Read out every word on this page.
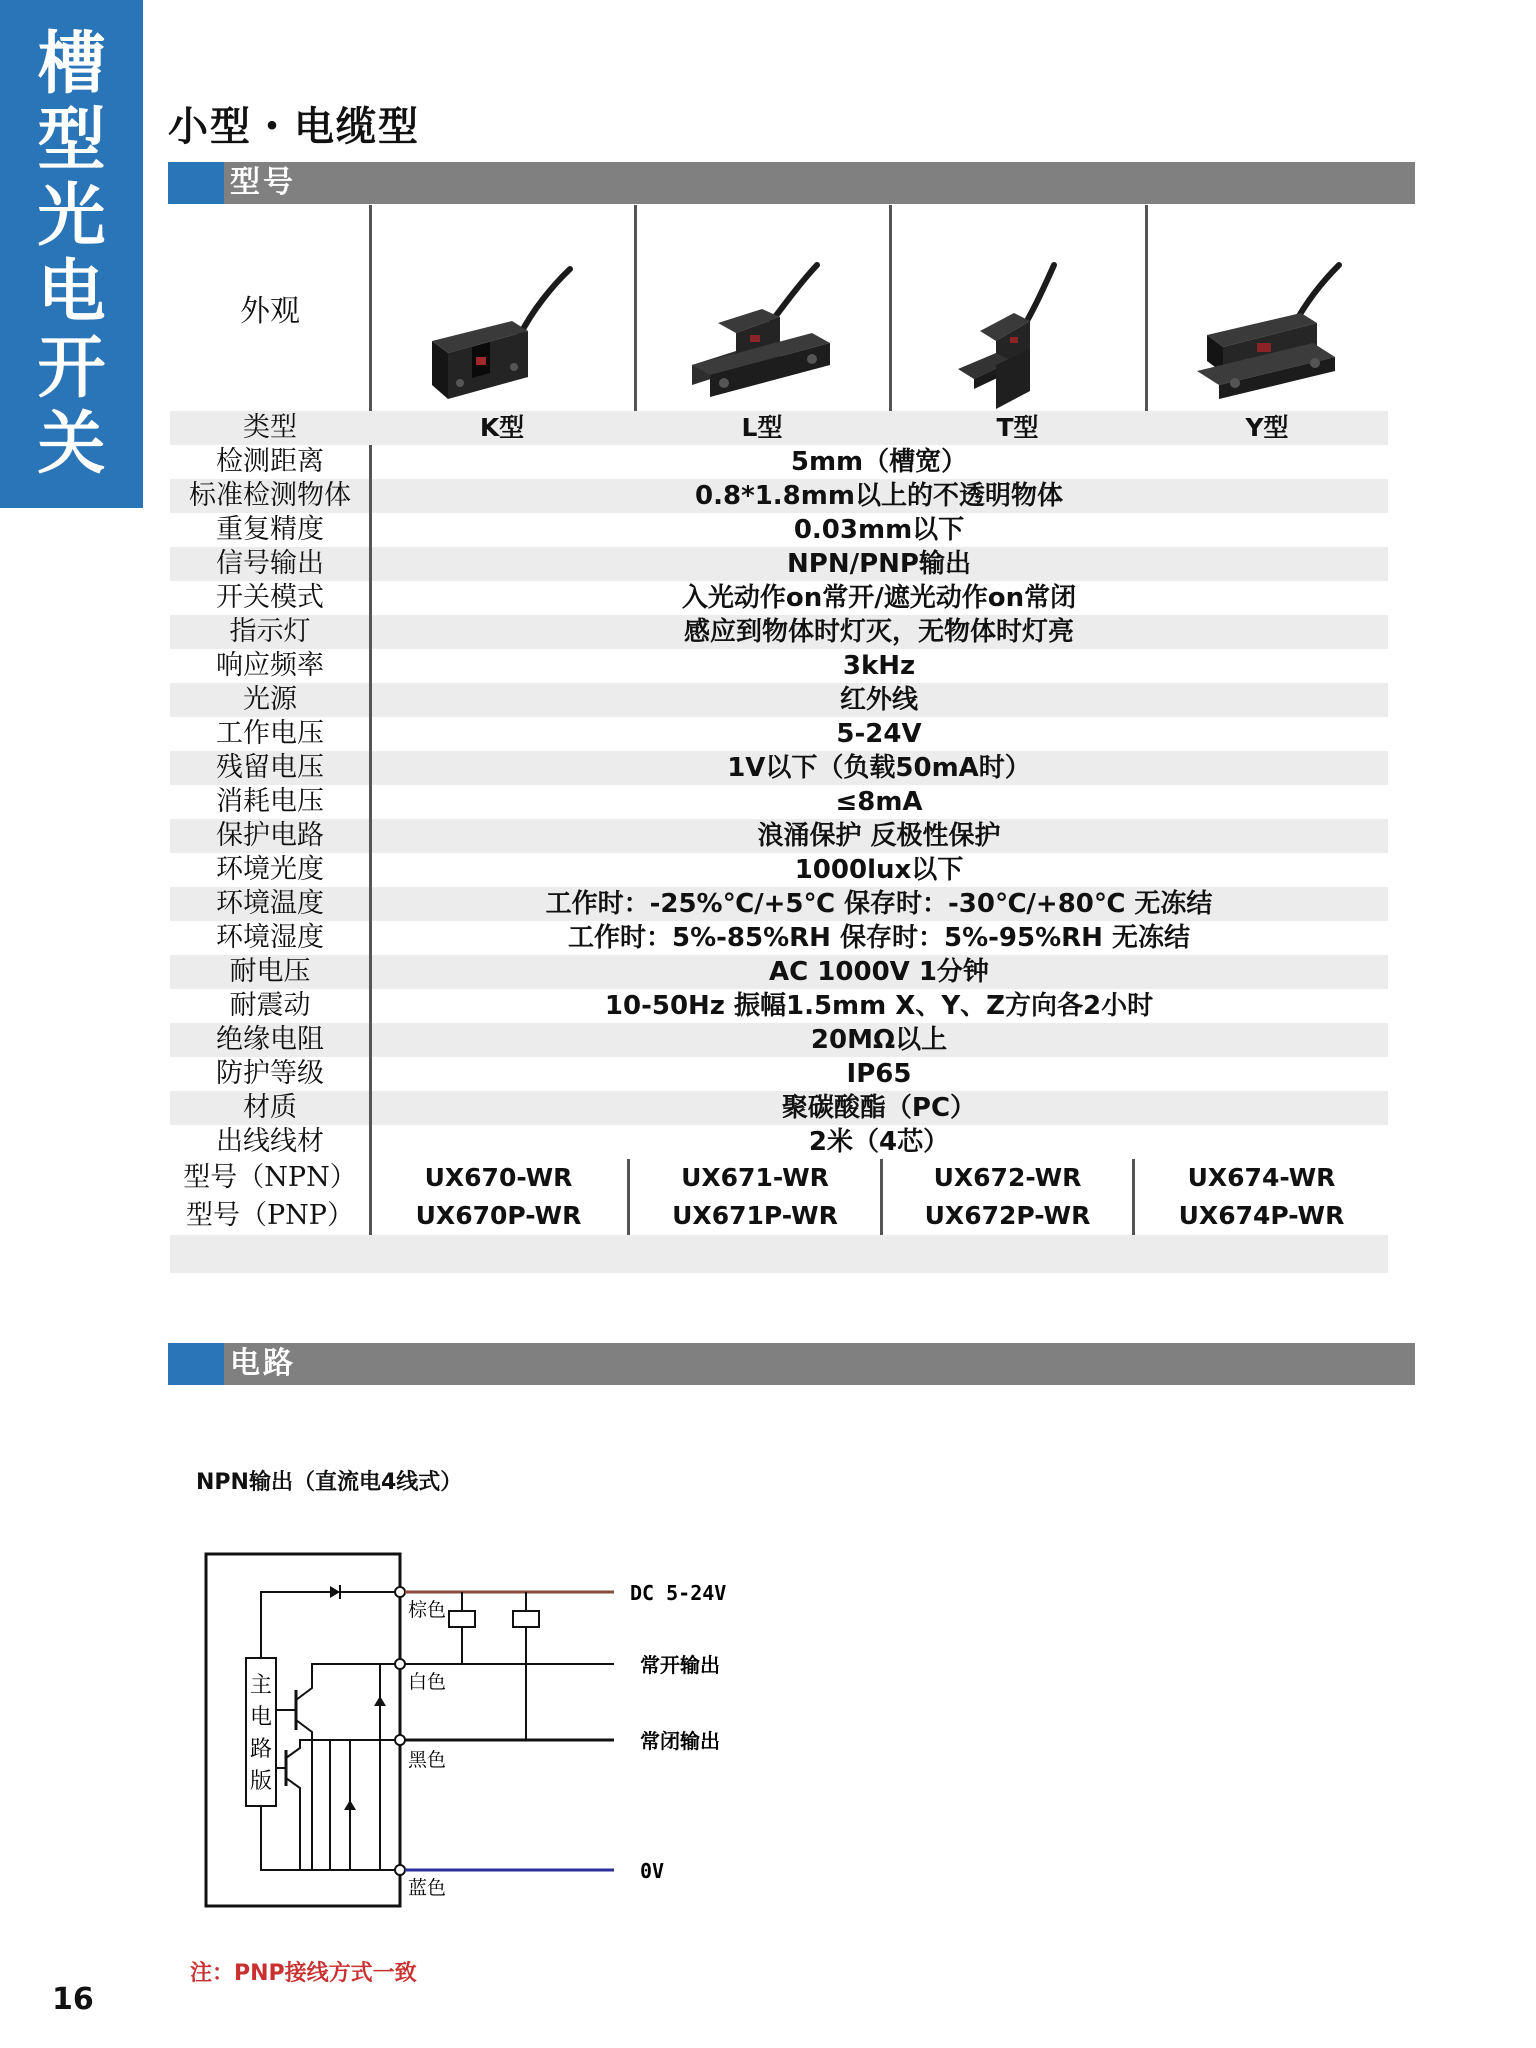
槽
型
光
电
开
关
小型・电缆型
型号
外观
类型	K型	L型	T型	Y型
检测距离	5mm（槽宽）
标准检测物体	0.8*1.8mm以上的不透明物体
重复精度	0.03mm以下
信号输出	NPN/PNP输出
开关模式	入光动作on常开/遮光动作on常闭
指示灯	感应到物体时灯灭，无物体时灯亮
响应频率	3kHz
光源	红外线
工作电压	5-24V
残留电压	1V以下（负载50mA时）
消耗电压	≤8mA
保护电路	浪涌保护 反极性保护
环境光度	1000lux以下
环境温度	工作时：-25%℃/+5℃ 保存时：-30℃/+80℃ 无冻结
环境湿度	工作时：5%-85%RH 保存时：5%-95%RH 无冻结
耐电压	AC 1000V 1分钟
耐震动	10-50Hz 振幅1.5mm X、Y、Z方向各2小时
绝缘电阻	20MΩ以上
防护等级	IP65
材质	聚碳酸酯（PC）
出线线材	2米（4芯）
型号（NPN）	UX670-WR	UX671-WR	UX672-WR	UX674-WR
型号（PNP）	UX670P-WR	UX671P-WR	UX672P-WR	UX674P-WR
电路
NPN输出（直流电4线式）
主
电
路
版
棕色
白色
黑色
蓝色
DC 5-24V
常开输出
常闭输出
0V
注：PNP接线方式一致
16
